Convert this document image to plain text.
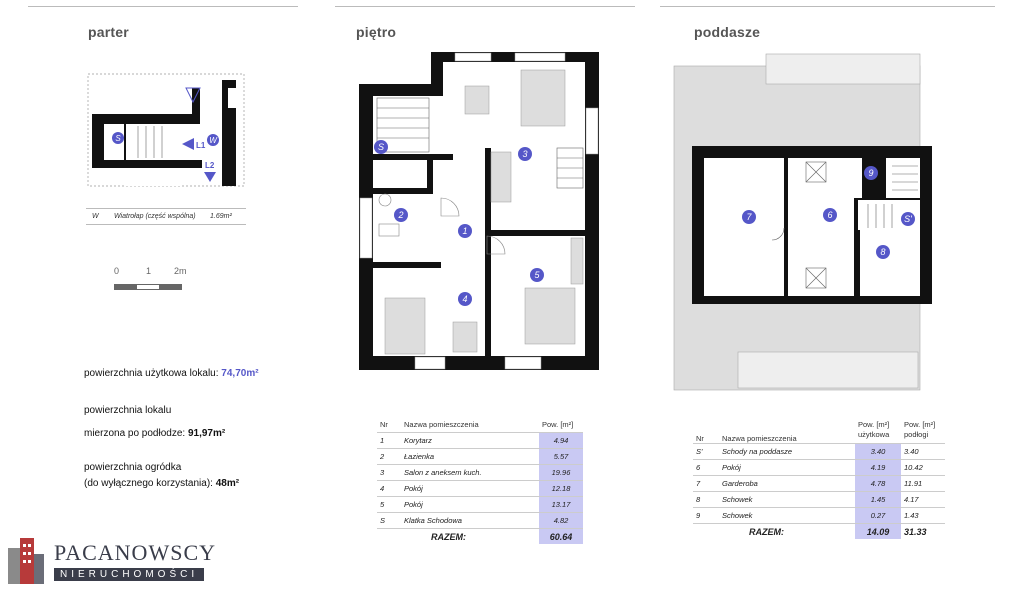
parter	piętro	poddasze
S
L1
W
L2
W	Wiatrołap (część wspólna)	1.69m²
0	1	2m
powierzchnia użytkowa lokalu: 74,70m²
powierzchnia lokalu
mierzona po podłodze: 91,97m²
powierzchnia ogródka
(do wyłącznego korzystania): 48m²
1
2
3
4
5
S
Nr	Nazwa pomieszczenia	Pow. [m²]
1	Korytarz	4.94
2	Łazienka	5.57
3	Salon z aneksem kuch.	19.96
4	Pokój	12.18
5	Pokój	13.17
S	Klatka Schodowa	4.82
	RAZEM:	60.64
7	6
9
S'
8
Nr	Nazwa pomieszczenia	Pow. [m²] użytkowa	Pow. [m²] podłogi
S'	Schody na poddasze	3.40	3.40
6	Pokój	4.19	10.42
7	Garderoba	4.78	11.91
8	Schowek	1.45	4.17
9	Schowek	0.27	1.43
	RAZEM:	14.09	31.33
PACANOWSCY
NIERUCHOMOŚCI
